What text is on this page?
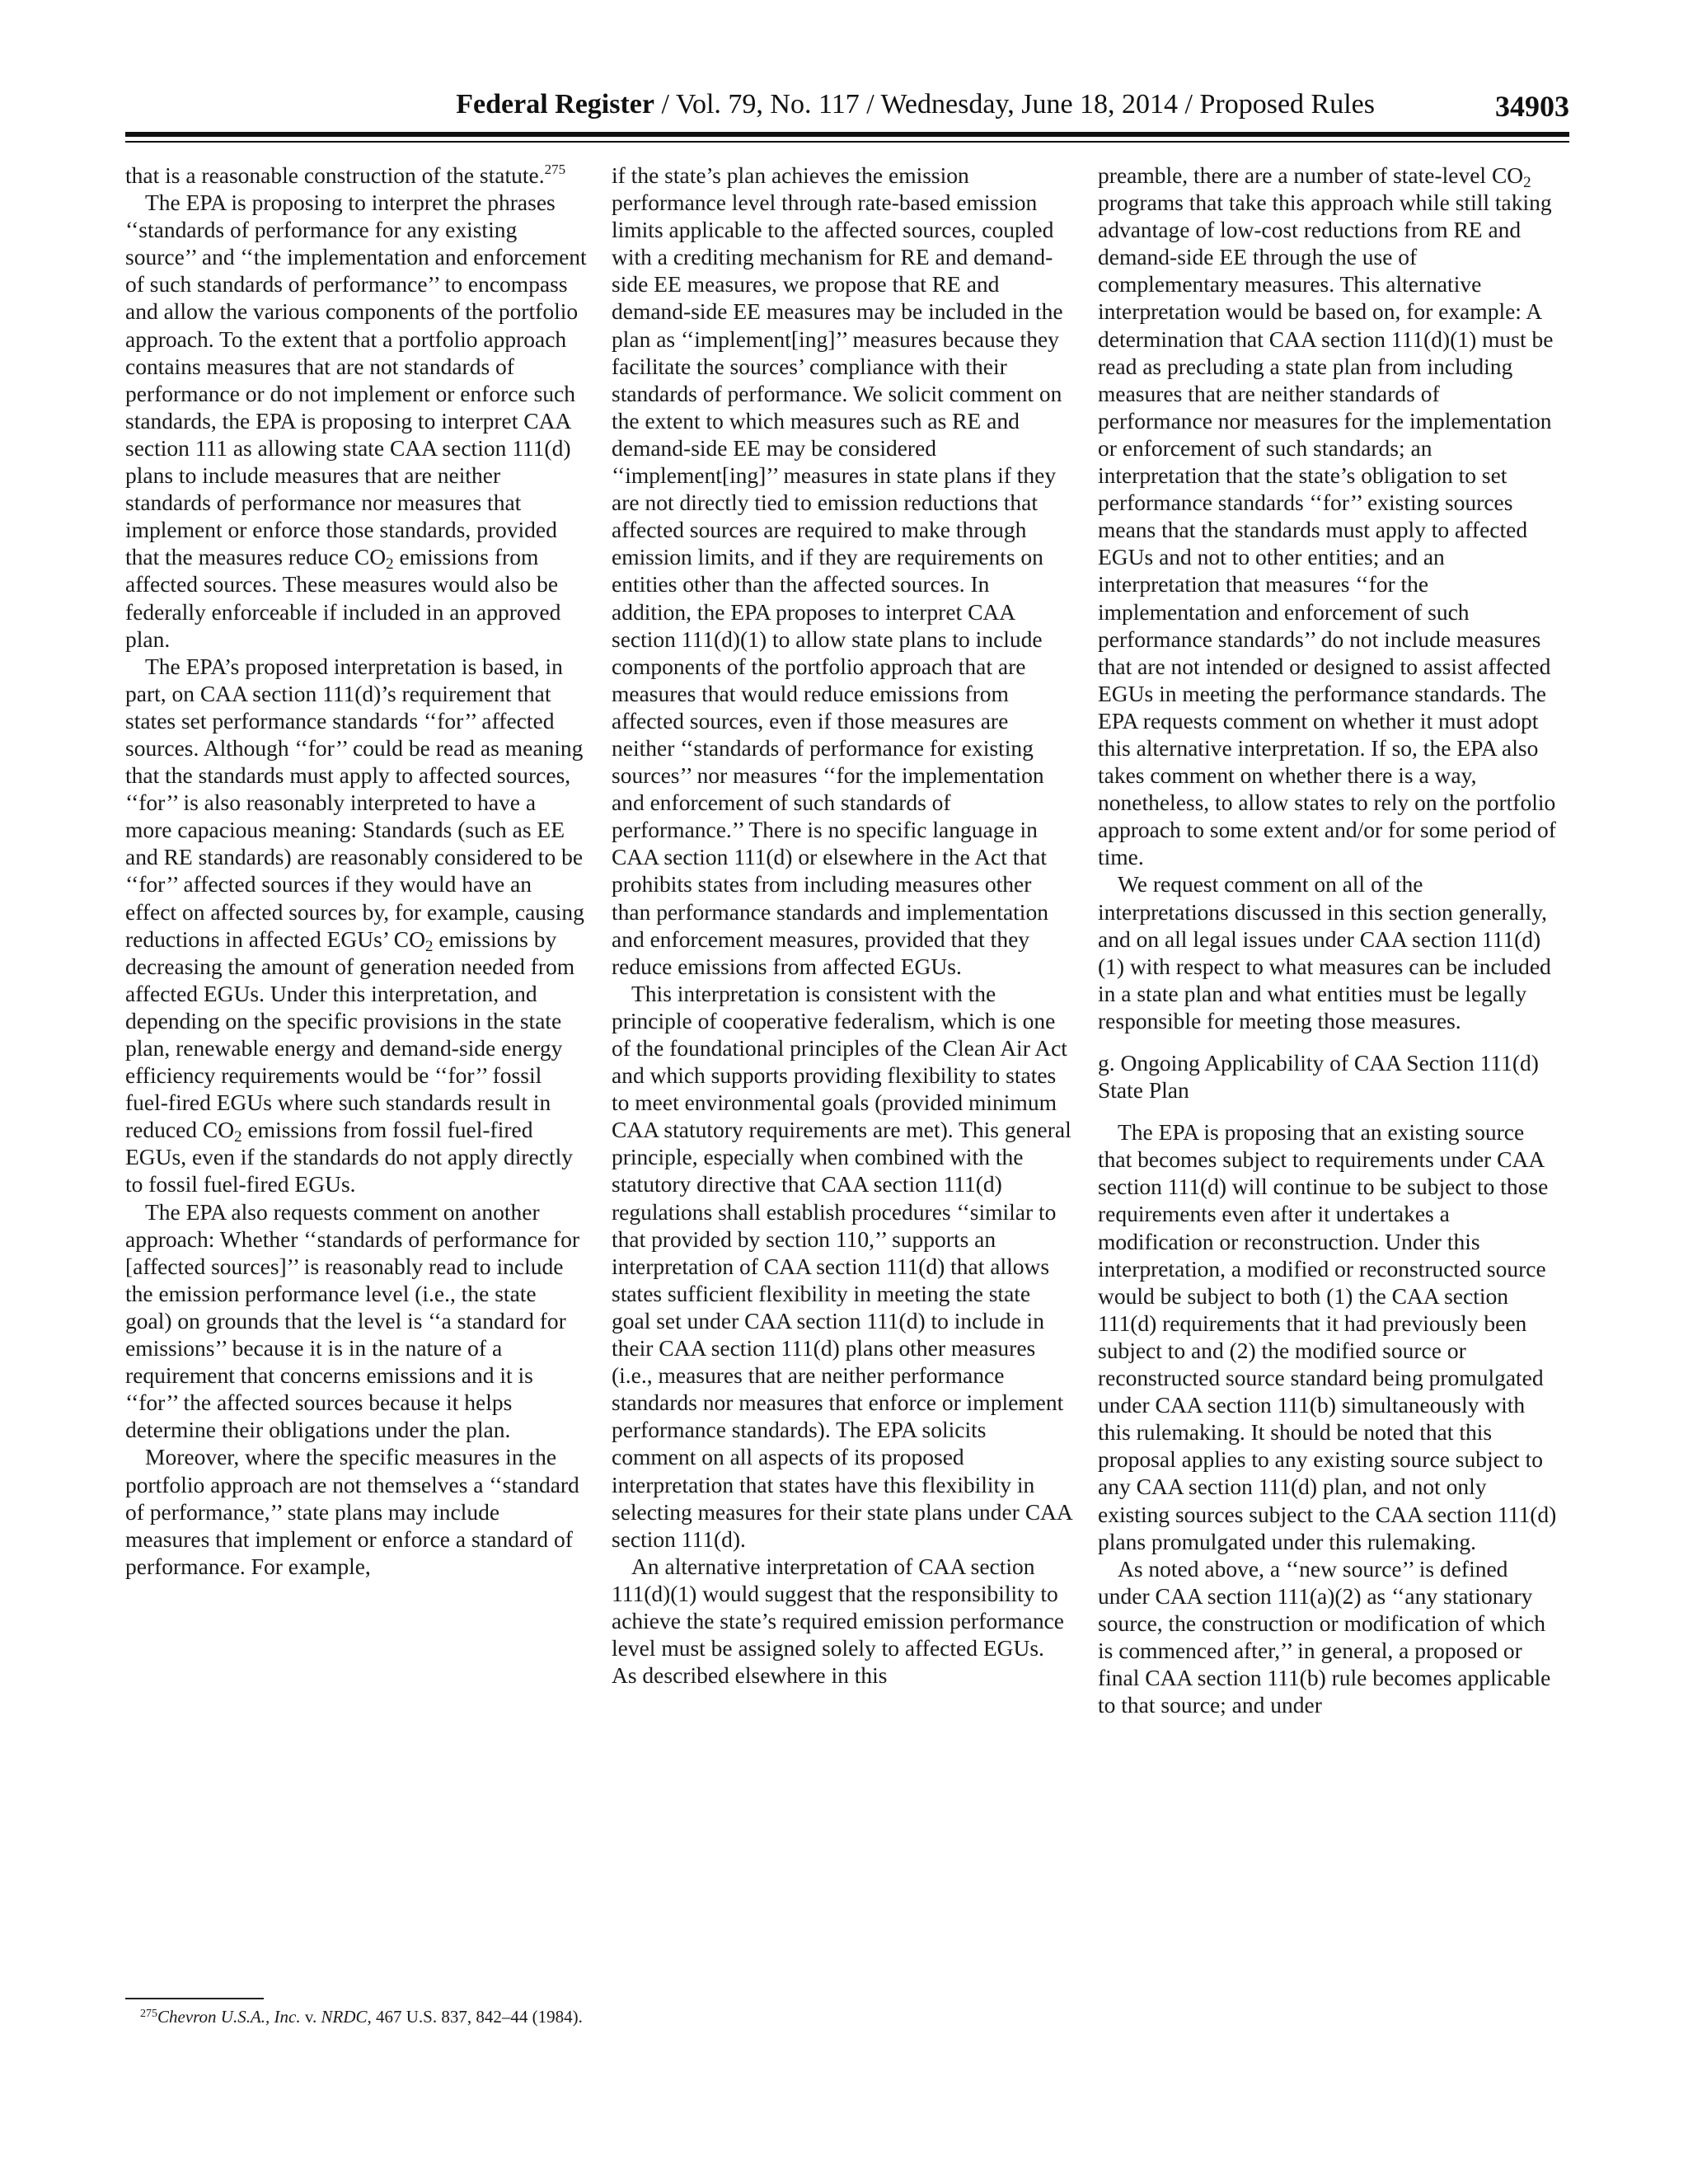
Federal Register / Vol. 79, No. 117 / Wednesday, June 18, 2014 / Proposed Rules	34903

that is a reasonable construction of the statute.$^{275}$

The EPA is proposing to interpret the phrases ‘‘standards of performance for any existing source’’ and ‘‘the implementation and enforcement of such standards of performance’’ to encompass and allow the various components of the portfolio approach. To the extent that a portfolio approach contains measures that are not standards of performance or do not implement or enforce such standards, the EPA is proposing to interpret CAA section 111 as allowing state CAA section 111(d) plans to include measures that are neither standards of performance nor measures that implement or enforce those standards, provided that the measures reduce $CO_2$ emissions from affected sources. These measures would also be federally enforceable if included in an approved plan.

The EPA’s proposed interpretation is based, in part, on CAA section 111(d)’s requirement that states set performance standards ‘‘for’’ affected sources. Although ‘‘for’’ could be read as meaning that the standards must apply to affected sources, ‘‘for’’ is also reasonably interpreted to have a more capacious meaning: Standards (such as EE and RE standards) are reasonably considered to be ‘‘for’’ affected sources if they would have an effect on affected sources by, for example, causing reductions in affected EGUs’ $CO_2$ emissions by decreasing the amount of generation needed from affected EGUs. Under this interpretation, and depending on the specific provisions in the state plan, renewable energy and demand-side energy efficiency requirements would be ‘‘for’’ fossil fuel-fired EGUs where such standards result in reduced $CO_2$ emissions from fossil fuel-fired EGUs, even if the standards do not apply directly to fossil fuel-fired EGUs.

The EPA also requests comment on another approach: Whether ‘‘standards of performance for [affected sources]’’ is reasonably read to include the emission performance level (i.e., the state goal) on grounds that the level is ‘‘a standard for emissions’’ because it is in the nature of a requirement that concerns emissions and it is ‘‘for’’ the affected sources because it helps determine their obligations under the plan.

Moreover, where the specific measures in the portfolio approach are not themselves a ‘‘standard of performance,’’ state plans may include measures that implement or enforce a standard of performance. For example,

if the state’s plan achieves the emission performance level through rate-based emission limits applicable to the affected sources, coupled with a crediting mechanism for RE and demand-side EE measures, we propose that RE and demand-side EE measures may be included in the plan as ‘‘implement[ing]’’ measures because they facilitate the sources’ compliance with their standards of performance. We solicit comment on the extent to which measures such as RE and demand-side EE may be considered ‘‘implement[ing]’’ measures in state plans if they are not directly tied to emission reductions that affected sources are required to make through emission limits, and if they are requirements on entities other than the affected sources. In addition, the EPA proposes to interpret CAA section 111(d)(1) to allow state plans to include components of the portfolio approach that are measures that would reduce emissions from affected sources, even if those measures are neither ‘‘standards of performance for existing sources’’ nor measures ‘‘for the implementation and enforcement of such standards of performance.’’ There is no specific language in CAA section 111(d) or elsewhere in the Act that prohibits states from including measures other than performance standards and implementation and enforcement measures, provided that they reduce emissions from affected EGUs.

This interpretation is consistent with the principle of cooperative federalism, which is one of the foundational principles of the Clean Air Act and which supports providing flexibility to states to meet environmental goals (provided minimum CAA statutory requirements are met). This general principle, especially when combined with the statutory directive that CAA section 111(d) regulations shall establish procedures ‘‘similar to that provided by section 110,’’ supports an interpretation of CAA section 111(d) that allows states sufficient flexibility in meeting the state goal set under CAA section 111(d) to include in their CAA section 111(d) plans other measures (i.e., measures that are neither performance standards nor measures that enforce or implement performance standards). The EPA solicits comment on all aspects of its proposed interpretation that states have this flexibility in selecting measures for their state plans under CAA section 111(d).

An alternative interpretation of CAA section 111(d)(1) would suggest that the responsibility to achieve the state’s required emission performance level must be assigned solely to affected EGUs. As described elsewhere in this

preamble, there are a number of state-level $CO_2$ programs that take this approach while still taking advantage of low-cost reductions from RE and demand-side EE through the use of complementary measures. This alternative interpretation would be based on, for example: A determination that CAA section 111(d)(1) must be read as precluding a state plan from including measures that are neither standards of performance nor measures for the implementation or enforcement of such standards; an interpretation that the state’s obligation to set performance standards ‘‘for’’ existing sources means that the standards must apply to affected EGUs and not to other entities; and an interpretation that measures ‘‘for the implementation and enforcement of such performance standards’’ do not include measures that are not intended or designed to assist affected EGUs in meeting the performance standards. The EPA requests comment on whether it must adopt this alternative interpretation. If so, the EPA also takes comment on whether there is a way, nonetheless, to allow states to rely on the portfolio approach to some extent and/or for some period of time.

We request comment on all of the interpretations discussed in this section generally, and on all legal issues under CAA section 111(d)(1) with respect to what measures can be included in a state plan and what entities must be legally responsible for meeting those measures.

g. Ongoing Applicability of CAA Section 111(d) State Plan

The EPA is proposing that an existing source that becomes subject to requirements under CAA section 111(d) will continue to be subject to those requirements even after it undertakes a modification or reconstruction. Under this interpretation, a modified or reconstructed source would be subject to both (1) the CAA section 111(d) requirements that it had previously been subject to and (2) the modified source or reconstructed source standard being promulgated under CAA section 111(b) simultaneously with this rulemaking. It should be noted that this proposal applies to any existing source subject to any CAA section 111(d) plan, and not only existing sources subject to the CAA section 111(d) plans promulgated under this rulemaking.

As noted above, a ‘‘new source’’ is defined under CAA section 111(a)(2) as ‘‘any stationary source, the construction or modification of which is commenced after,’’ in general, a proposed or final CAA section 111(b) rule becomes applicable to that source; and under

$^{275}$Chevron U.S.A., Inc. v. NRDC, 467 U.S. 837, 842–44 (1984).
